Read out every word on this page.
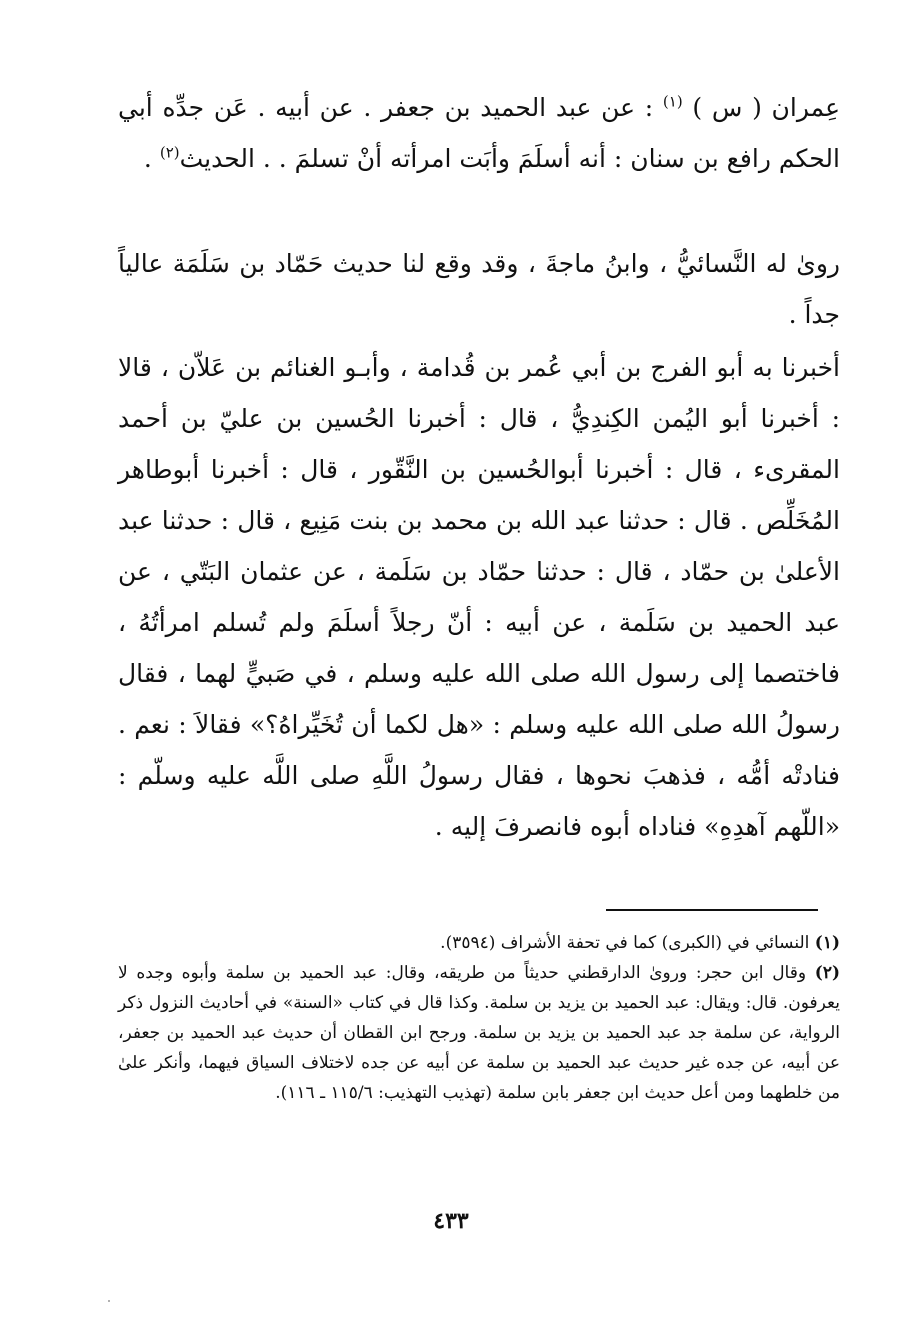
عِمران ( س ) $^{(١)}$ : عن عبد الحميد بن جعفر . عن أبيه . عَن جدِّه أبي الحكم رافع بن سنان : أنه أسلَمَ وأبَت امرأته أنْ تسلمَ . . الحديث$^{(٢)}$ .

روىٰ له النَّسائيُّ ، وابنُ ماجةَ ، وقد وقع لنا حديث حَمّاد بن سَلَمَة عالياً جداً .

أخبرنا به أبو الفرج بن أبي عُمر بن قُدامة ، وأبـو الغنائم بن عَلاّن ، قالا : أخبرنا أبو اليُمن الكِندِيُّ ، قال : أخبرنا الحُسين بن عليّ بن أحمد المقرىء ، قال : أخبرنا أبوالحُسين بن النَّقّور ، قال : أخبرنا أبوطاهر المُخَلِّص . قال : حدثنا عبد الله بن محمد بن بنت مَنِيع ، قال : حدثنا عبد الأعلىٰ بن حمّاد ، قال : حدثنا حمّاد بن سَلَمة ، عن عثمان البَتّي ، عن عبد الحميد بن سَلَمة ، عن أبيه : أنّ رجلاً أسلَمَ ولم تُسلم امرأتُهُ ، فاختصما إلى رسول الله صلى الله عليه وسلم ، في صَبيٍّ لهما ، فقال رسولُ الله صلى الله عليه وسلم : «هل لكما أن تُخَيِّراهُ؟» فقالاَ : نعم . فنادتْه أمُّه ، فذهبَ نحوها ، فقال رسولُ اللَّهِ صلى اللَّه عليه وسلّم : «اللّهم آهدِهِ» فناداه أبوه فانصرفَ إليه .

(١) النسائي في (الكبرى) كما في تحفة الأشراف (٣٥٩٤).

(٢) وقال ابن حجر: وروىٰ الدارقطني حديثاً من طريقه، وقال: عبد الحميد بن سلمة وأبوه وجده لا يعرفون. قال: ويقال: عبد الحميد بن يزيد بن سلمة. وكذا قال في كتاب «السنة» في أحاديث النزول ذكر الرواية، عن سلمة جد عبد الحميد بن يزيد بن سلمة. ورجح ابن القطان أن حديث عبد الحميد بن جعفر، عن أبيه، عن جده غير حديث عبد الحميد بن سلمة عن أبيه عن جده لاختلاف السياق فيهما، وأنكر علىٰ من خلطهما ومن أعل حديث ابن جعفر بابن سلمة (تهذيب التهذيب: ١١٥/٦ ـ ١١٦).

٤٣٣
